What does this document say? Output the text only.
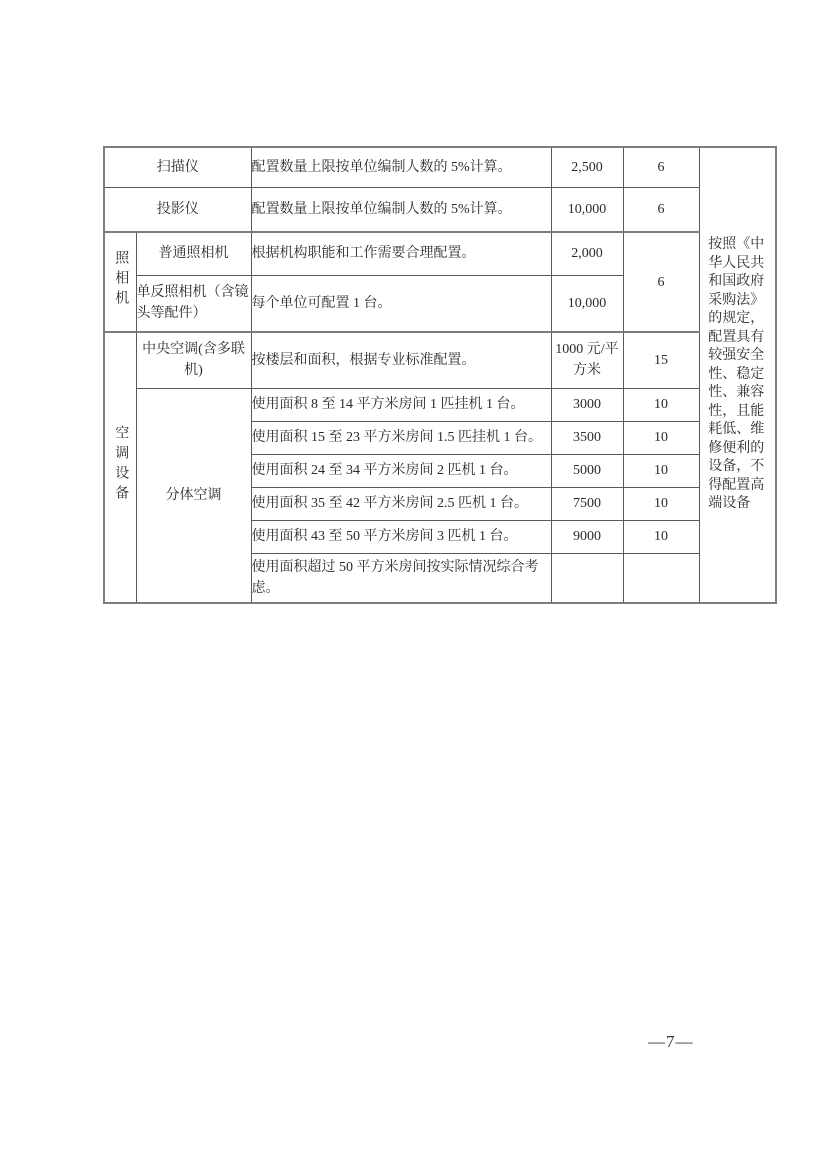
扫描仪		配置数量上限按单位编制人数的 5%计算。	2,500	6	按照《中华人民共和国政府采购法》的规定，配置具有较强安全性、稳定性、兼容性，且能耗低、维修便利的设备，不得配置高端设备

投影仪		配置数量上限按单位编制人数的 5%计算。	10,000	6	
照相机	普通照相机	根据机构职能和工作需要合理配置。	2,000	6	
	单反照相机（含镜头等配件）	每个单位可配置 1 台。	10,000		
空调设备	中央空调(含多联机)	按楼层和面积，根据专业标准配置。	1000 元/平方米	15	
	分体空调	使用面积 8 至 14 平方米房间 1 匹挂机 1 台。	3000	10	
		使用面积 15 至 23 平方米房间 1.5 匹挂机 1 台。	3500	10	
		使用面积 24 至 34 平方米房间 2 匹机 1 台。	5000	10	
		使用面积 35 至 42 平方米房间 2.5 匹机 1 台。	7500	10	
		使用面积 43 至 50 平方米房间 3 匹机 1 台。	9000	10	
		使用面积超过 50 平方米房间按实际情况综合考虑。			
—7—
